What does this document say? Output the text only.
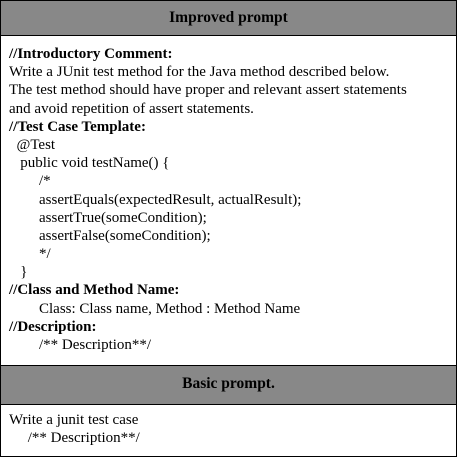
Improved prompt
//Introductory Comment:
Write a JUnit test method for the Java method described below.
The test method should have proper and relevant assert statements
and avoid repetition of assert statements.
//Test Case Template:
@Test
public void testName() {
/*
assertEquals(expectedResult, actualResult);
assertTrue(someCondition);
assertFalse(someCondition);
*/
}
//Class and Method Name:
Class: Class name, Method : Method Name
//Description:
/** Description**/
Basic prompt.
Write a junit test case
/** Description**/
